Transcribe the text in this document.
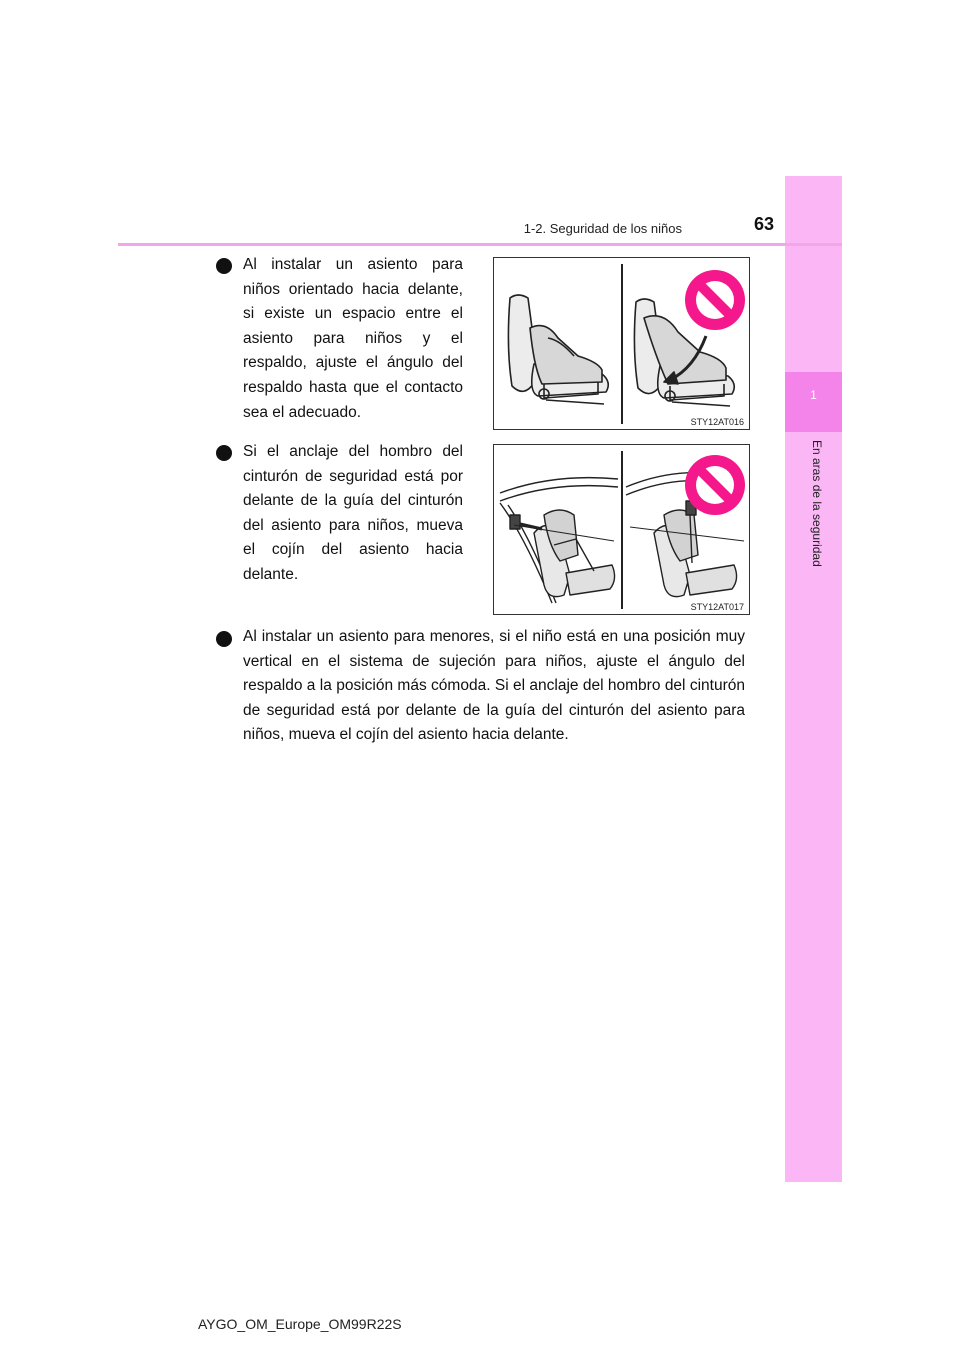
1
En aras de la seguridad
1-2. Seguridad de los niños	63
Al instalar un asiento para niños orientado hacia delante, si existe un espacio entre el asiento para niños y el respaldo, ajuste el ángulo del respaldo hasta que el contacto sea el adecuado.
STY12AT016
Si el anclaje del hombro del cinturón de seguridad está por delante de la guía del cinturón del asiento para niños, mueva el cojín del asiento hacia delante.
STY12AT017
Al instalar un asiento para menores, si el niño está en una posición muy vertical en el sistema de sujeción para niños, ajuste el ángulo del respaldo a la posición más cómoda. Si el anclaje del hombro del cinturón de seguridad está por delante de la guía del cinturón del asiento para niños, mueva el cojín del asiento hacia delante.
AYGO_OM_Europe_OM99R22S
